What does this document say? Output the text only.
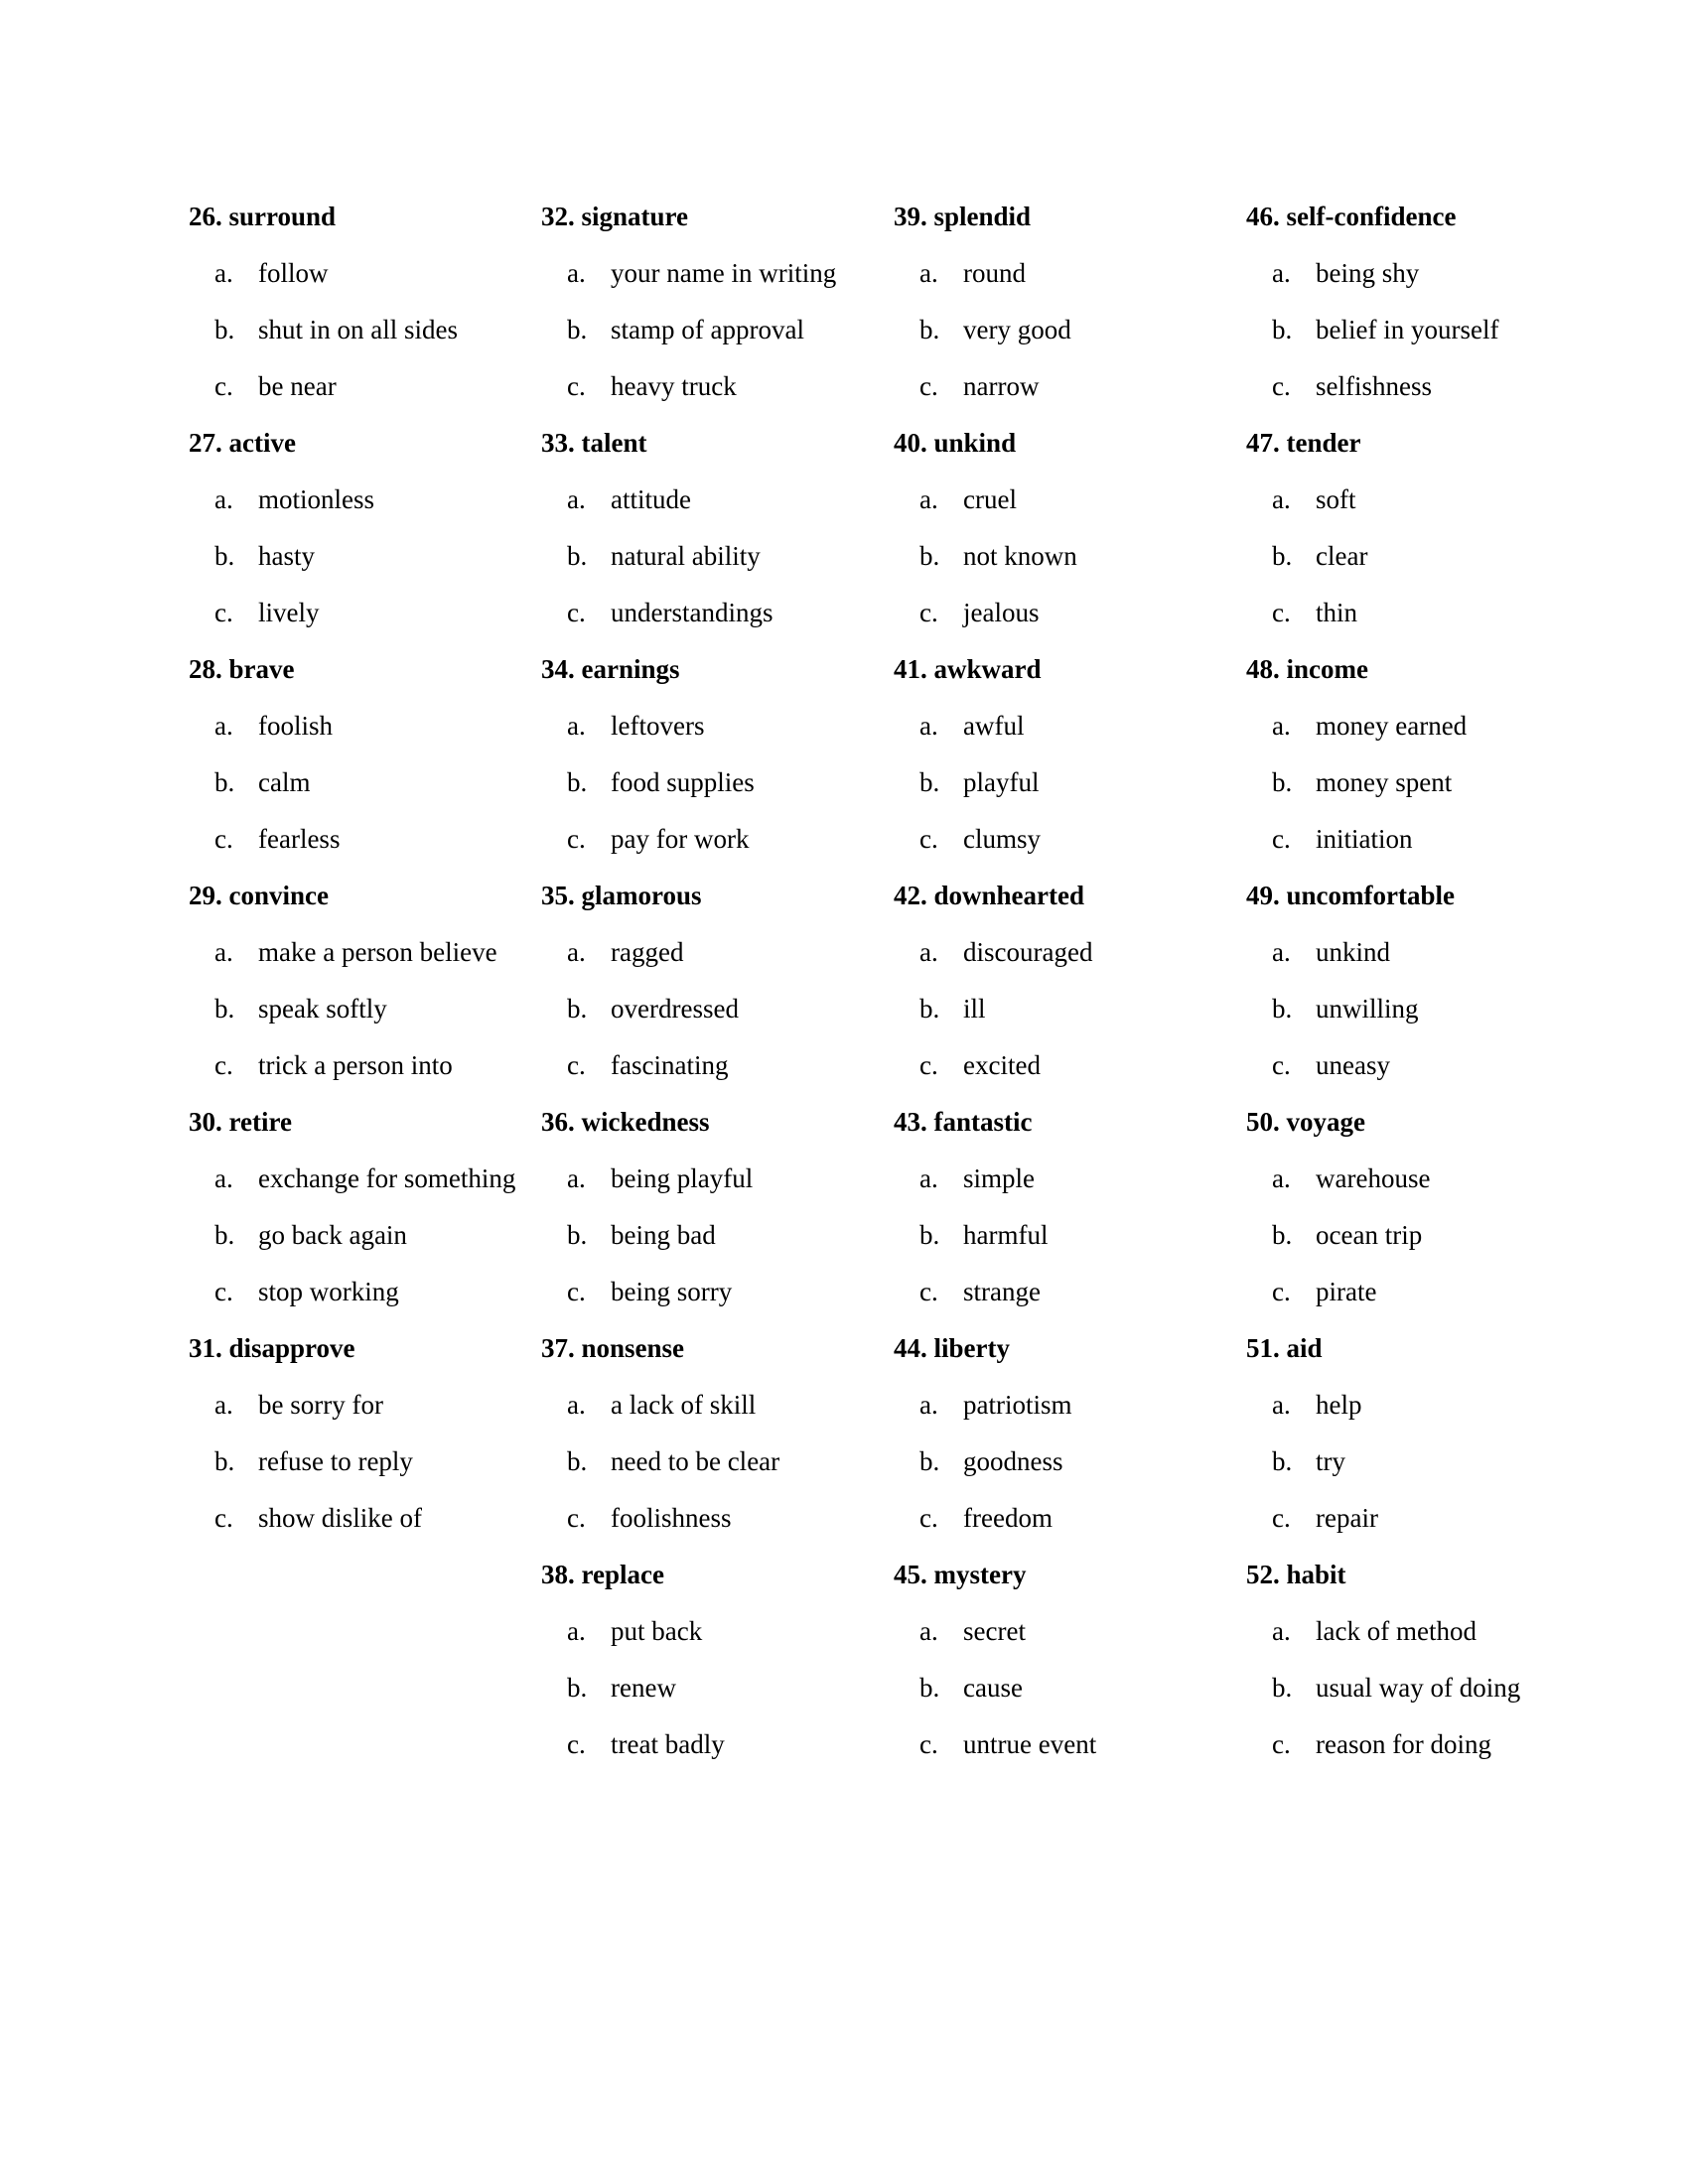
26. surround
a. follow
b. shut in on all sides
c. be near
27. active
a. motionless
b. hasty
c. lively
28. brave
a. foolish
b. calm
c. fearless
29. convince
a. make a person believe
b. speak softly
c. trick a person into
30. retire
a. exchange for something
b. go back again
c. stop working
31. disapprove
a. be sorry for
b. refuse to reply
c. show dislike of
32. signature
a. your name in writing
b. stamp of approval
c. heavy truck
33. talent
a. attitude
b. natural ability
c. understandings
34. earnings
a. leftovers
b. food supplies
c. pay for work
35. glamorous
a. ragged
b. overdressed
c. fascinating
36. wickedness
a. being playful
b. being bad
c. being sorry
37. nonsense
a. a lack of skill
b. need to be clear
c. foolishness
38. replace
a. put back
b. renew
c. treat badly
39. splendid
a. round
b. very good
c. narrow
40. unkind
a. cruel
b. not known
c. jealous
41. awkward
a. awful
b. playful
c. clumsy
42. downhearted
a. discouraged
b. ill
c. excited
43. fantastic
a. simple
b. harmful
c. strange
44. liberty
a. patriotism
b. goodness
c. freedom
45. mystery
a. secret
b. cause
c. untrue event
46. self-confidence
a. being shy
b. belief in yourself
c. selfishness
47. tender
a. soft
b. clear
c. thin
48. income
a. money earned
b. money spent
c. initiation
49. uncomfortable
a. unkind
b. unwilling
c. uneasy
50. voyage
a. warehouse
b. ocean trip
c. pirate
51. aid
a. help
b. try
c. repair
52. habit
a. lack of method
b. usual way of doing
c. reason for doing
